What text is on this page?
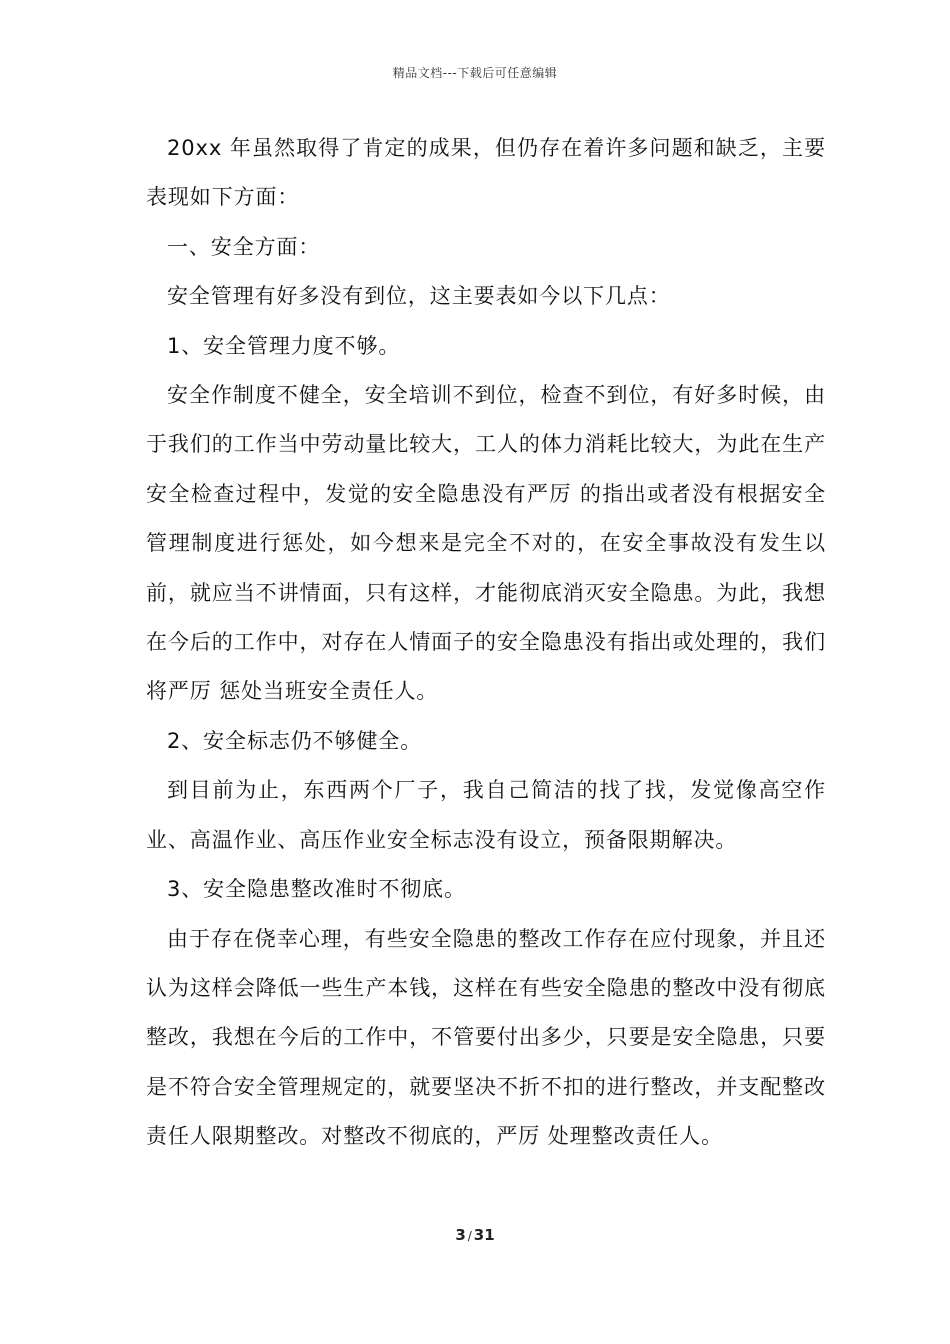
精品文档---下载后可任意编辑

20xx 年虽然取得了肯定的成果，但仍存在着许多问题和缺乏，主要表现如下方面：

一、安全方面：

安全管理有好多没有到位，这主要表如今以下几点：

1、安全管理力度不够。

安全作制度不健全，安全培训不到位，检查不到位，有好多时候，由于我们的工作当中劳动量比较大，工人的体力消耗比较大，为此在生产安全检查过程中，发觉的安全隐患没有严厉 的指出或者没有根据安全管理制度进行惩处，如今想来是完全不对的，在安全事故没有发生以前，就应当不讲情面，只有这样，才能彻底消灭安全隐患。为此，我想在今后的工作中，对存在人情面子的安全隐患没有指出或处理的，我们将严厉 惩处当班安全责任人。

2、安全标志仍不够健全。

到目前为止，东西两个厂子，我自己简洁的找了找，发觉像高空作业、高温作业、高压作业安全标志没有设立，预备限期解决。

3、安全隐患整改准时不彻底。

由于存在侥幸心理，有些安全隐患的整改工作存在应付现象，并且还认为这样会降低一些生产本钱，这样在有些安全隐患的整改中没有彻底整改，我想在今后的工作中，不管要付出多少，只要是安全隐患，只要是不符合安全管理规定的，就要坚决不折不扣的进行整改，并支配整改责任人限期整改。对整改不彻底的，严厉 处理整改责任人。

3 / 31
